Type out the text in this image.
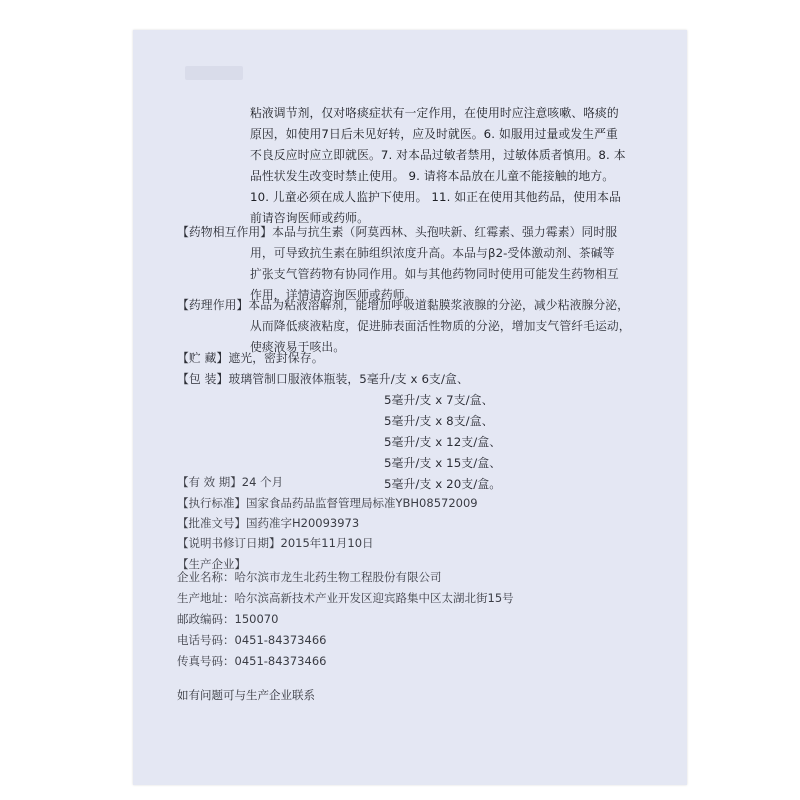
粘液调节剂，仅对咯痰症状有一定作用，在使用时应注意咳嗽、咯痰的
原因，如使用7日后未见好转，应及时就医。6. 如服用过量或发生严重
不良反应时应立即就医。7. 对本品过敏者禁用，过敏体质者慎用。8. 本
品性状发生改变时禁止使用。 9. 请将本品放在儿童不能接触的地方。
10. 儿童必须在成人监护下使用。 11. 如正在使用其他药品，使用本品
前请咨询医师或药师。
【药物相互作用】本品与抗生素（阿莫西林、头孢呋新、红霉素、强力霉素）同时服
用，可导致抗生素在肺组织浓度升高。本品与β2-受体激动剂、茶碱等
扩张支气管药物有协同作用。如与其他药物同时使用可能发生药物相互
作用，详情请咨询医师或药师。
【药理作用】本品为粘液溶解剂，能增加呼吸道黏膜浆液腺的分泌，减少粘液腺分泌，
从而降低痰液粘度，促进肺表面活性物质的分泌，增加支气管纤毛运动，
使痰液易于咳出。
【贮 藏】遮光，密封保存。
【包 装】玻璃管制口服液体瓶装，5毫升/支 x 6支/盒、
5毫升/支 x 7支/盒、
5毫升/支 x 8支/盒、
5毫升/支 x 12支/盒、
5毫升/支 x 15支/盒、
5毫升/支 x 20支/盒。
【有 效 期】24 个月
【执行标准】国家食品药品监督管理局标准YBH08572009
【批准文号】国药准字H20093973
【说明书修订日期】2015年11月10日
【生产企业】
企业名称：哈尔滨市龙生北药生物工程股份有限公司
生产地址：哈尔滨高新技术产业开发区迎宾路集中区太湖北街15号
邮政编码：150070
电话号码：0451-84373466
传真号码：0451-84373466
如有问题可与生产企业联系
